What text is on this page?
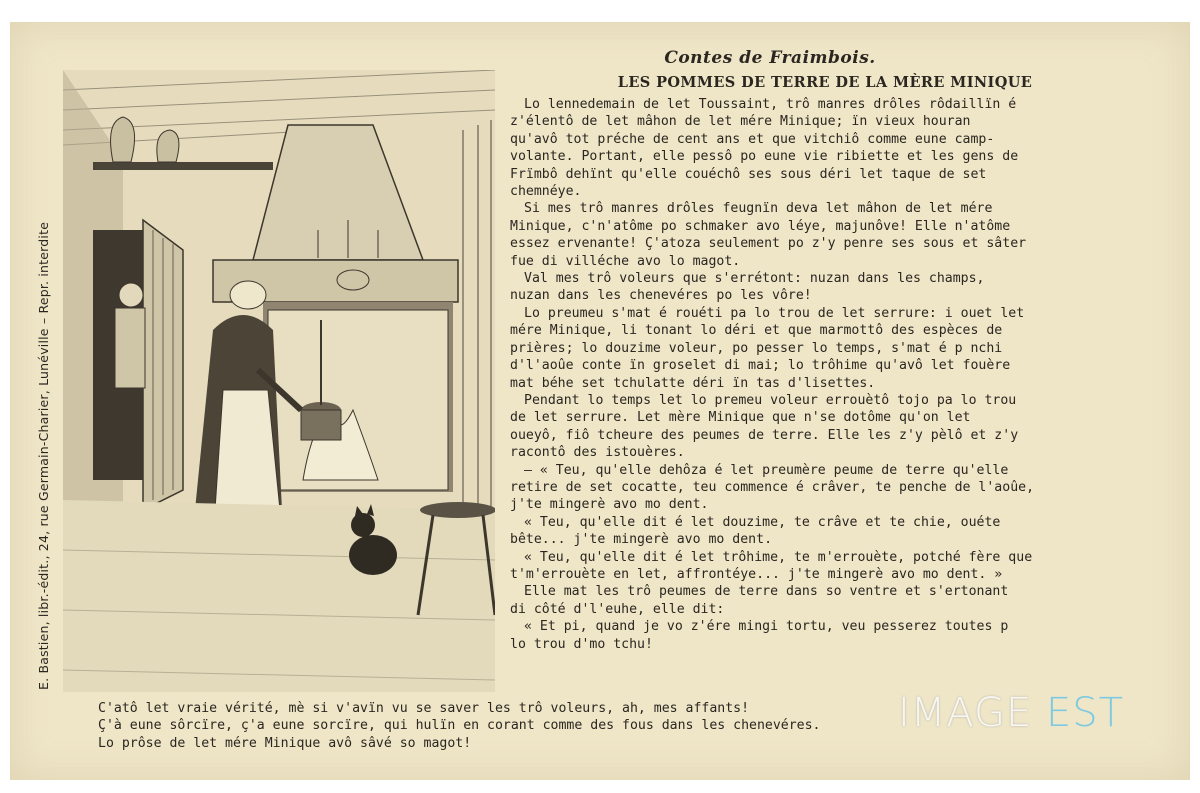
E. Bastien, libr.-édit., 24, rue Germain-Charier, Lunéville – Repr. interdite
Contes de Fraimbois.
LES POMMES DE TERRE DE LA MÈRE MINIQUE
Lo lennedemain de let Toussaint, trô manres drôles rôdaillïn é
z'élentô de let mâhon de let mére Minique; ïn vieux houran
qu'avô tot préche de cent ans et que vitchiô comme eune camp-
volante. Portant, elle pessô po eune vie ribiette et les gens de
Frïmbô dehïnt qu'elle couéchô ses sous déri let taque de set
chemnéye.
Si mes trô manres drôles feugnïn deva let mâhon de let mére
Minique, c'n'atôme po schmaker avo léye, majunôve! Elle n'atôme
essez ervenante! Ç'atoza seulement po z'y penre ses sous et sâter
fue di villéche avo lo magot.
Val mes trô voleurs que s'errétont: nuzan dans les champs,
nuzan dans les chenevéres po les vôre!
Lo preumeu s'mat é rouéti pa lo trou de let serrure: i ouet let
mére Minique, li tonant lo déri et que marmottô des espèces de
prières; lo douzime voleur, po pesser lo temps, s'mat é p nchi
d'l'aoûe conte ïn groselet di mai; lo trôhime qu'avô let fouère
mat béhe set tchulatte déri ïn tas d'lisettes.
Pendant lo temps let lo premeu voleur errouètô tojo pa lo trou
de let serrure. Let mère Minique que n'se dotôme qu'on let
oueyô, fiô tcheure des peumes de terre. Elle les z'y pèlô et z'y
racontô des istouères.
— « Teu, qu'elle dehôza é let preumère peume de terre qu'elle
retire de set cocatte, teu commence é crâver, te penche de l'aoûe,
j'te mingerè avo mo dent.
« Teu, qu'elle dit é let douzime, te crâve et te chie, ouéte
bête... j'te mingerè avo mo dent.
« Teu, qu'elle dit é let trôhime, te m'errouète, potché fère que
t'm'errouète en let, affrontéye... j'te mingerè avo mo dent. »
Elle mat les trô peumes de terre dans so ventre et s'ertonant
di côté d'l'euhe, elle dit:
« Et pi, quand je vo z'ére mingi tortu, veu pesserez toutes p
lo trou d'mo tchu!
C'atô let vraie vérité, mè si v'avïn vu se saver les trô voleurs, ah, mes affants!
Ç'à eune sôrcïre, ç'a eune sorcïre, qui hulïn en corant comme des fous dans les chenevéres.
Lo prôse de let mére Minique avô sâvé so magot!
IMAGE EST
